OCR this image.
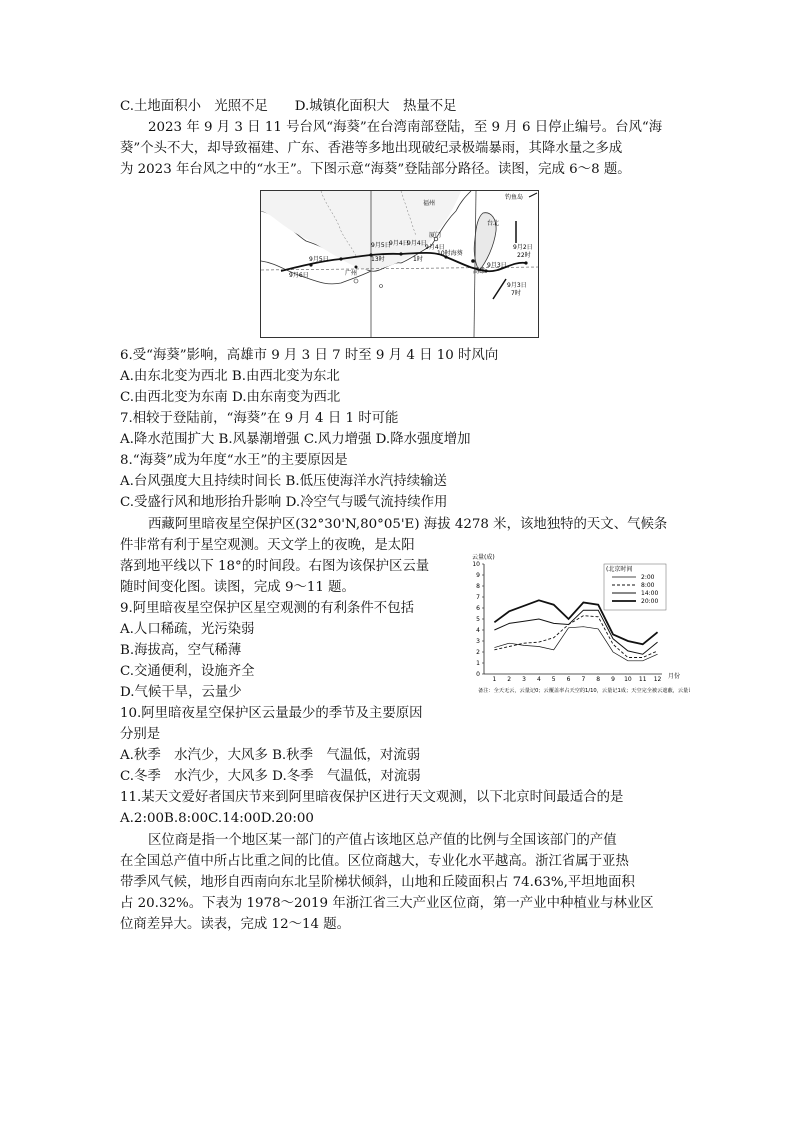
C.土地面积小　光照不足　　D.城镇化面积大　热量不足
2023 年 9 月 3 日 11 号台风“海葵”在台湾南部登陆，至 9 月 6 日停止编号。台风“海
葵”个头不大，却导致福建、广东、香港等多地出现破纪录极端暴雨，其降水量之多成
为 2023 年台风之中的“水王”。下图示意“海葵”登陆部分路径。读图，完成 6～8 题。
福州
钓鱼岛
台北
厦门
广州	高雄
9月5日
9月5日
9月4日
9月4日
9月4日
9月3日
9月3日
9月2日
9月6日
10时海葵	22时
7时
1时
13时
6.受“海葵”影响，高雄市 9 月 3 日 7 时至 9 月 4 日 10 时风向
A.由东北变为西北 B.由西北变为东北
C.由西北变为东南 D.由东南变为西北
7.相较于登陆前，“海葵”在 9 月 4 日 1 时可能
A.降水范围扩大 B.风暴潮增强 C.风力增强 D.降水强度增加
8.“海葵”成为年度“水王”的主要原因是
A.台风强度大且持续时间长 B.低压使海洋水汽持续输送
C.受盛行风和地形抬升影响 D.冷空气与暖气流持续作用
西藏阿里暗夜星空保护区(32°30'N,80°05'E) 海拔 4278 米，该地独特的天文、气候条
件非常有利于星空观测。天文学上的夜晚，是太阳
落到地平线以下 18°的时间段。右图为该保护区云量
随时间变化图。读图，完成 9～11 题。
9.阿里暗夜星空保护区星空观测的有利条件不包括
A.人口稀疏，光污染弱
B.海拔高，空气稀薄
C.交通便利，设施齐全
D.气候干旱，云量少
10.阿里暗夜星空保护区云量最少的季节及主要原因
分别是
A.秋季　水汽少，大风多 B.秋季　气温低，对流弱
C.冬季　水汽少，大风多 D.冬季　气温低，对流弱
11.某天文爱好者国庆节来到阿里暗夜保护区进行天文观测，以下北京时间最适合的是
A.2:00B.8:00C.14:00D.20:00
区位商是指一个地区某一部门的产值占该地区总产值的比例与全国该部门的产值
在全国总产值中所占比重之间的比值。区位商越大，专业化水平越高。浙江省属于亚热
带季风气候，地形自西南向东北呈阶梯状倾斜，山地和丘陵面积占 74.63%,平坦地面积
占 20.32%。下表为 1978～2019 年浙江省三大产业区位商，第一产业中种植业与林业区
位商差异大。读表，完成 12～14 题。
云量(成)
月份
备注：全天无云，云量记0；云覆盖率占天空的1/10，云量记1成；天空完全被云遮蔽，云量记10成。
(北京时间
0
1
2
3
4
5
6
7
8
9
10
1 2 3 4 5 6 7 8 9 10 11 12
2:00
8:00
14:00
20:00
